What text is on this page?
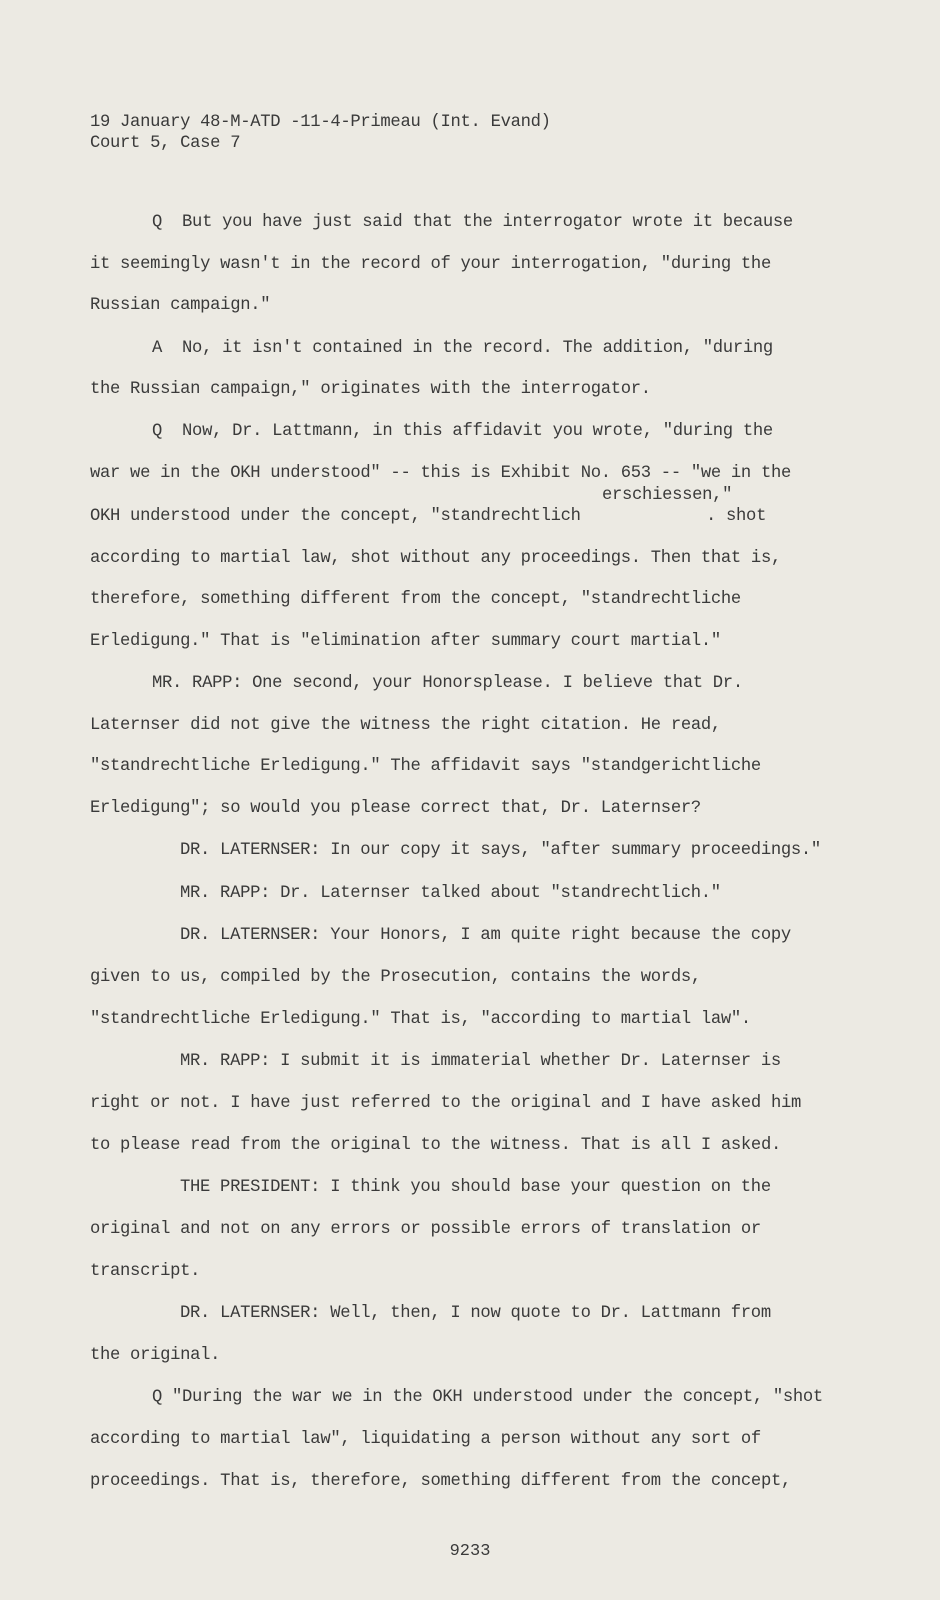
19 January 48-M-ATD -11-4-Primeau (Int. Evand)

Court 5, Case 7

Q  But you have just said that the interrogator wrote it because

it seemingly wasn't in the record of your interrogation, "during the

Russian campaign."

A  No, it isn't contained in the record. The addition, "during

the Russian campaign," originates with the interrogator.

Q  Now, Dr. Lattmann, in this affidavit you wrote, "during the

war we in the OKH understood" -- this is Exhibit No. 653 -- "we in the

erschiessen,"

OKH understood under the concept, "standrechtlich	. shot

according to martial law, shot without any proceedings. Then that is,

therefore, something different from the concept, "standrechtliche

Erledigung." That is "elimination after summary court martial."

MR. RAPP: One second, your Honorsplease. I believe that Dr.

Laternser did not give the witness the right citation. He read,

"standrechtliche Erledigung." The affidavit says "standgerichtliche

Erledigung"; so would you please correct that, Dr. Laternser?

DR. LATERNSER: In our copy it says, "after summary proceedings."

MR. RAPP: Dr. Laternser talked about "standrechtlich."

DR. LATERNSER: Your Honors, I am quite right because the copy

given to us, compiled by the Prosecution, contains the words,

"standrechtliche Erledigung." That is, "according to martial law".

MR. RAPP: I submit it is immaterial whether Dr. Laternser is

right or not. I have just referred to the original and I have asked him

to please read from the original to the witness. That is all I asked.

THE PRESIDENT: I think you should base your question on the

original and not on any errors or possible errors of translation or

transcript.

DR. LATERNSER: Well, then, I now quote to Dr. Lattmann from

the original.

Q "During the war we in the OKH understood under the concept, "shot

according to martial law", liquidating a person without any sort of

proceedings. That is, therefore, something different from the concept,

9233
